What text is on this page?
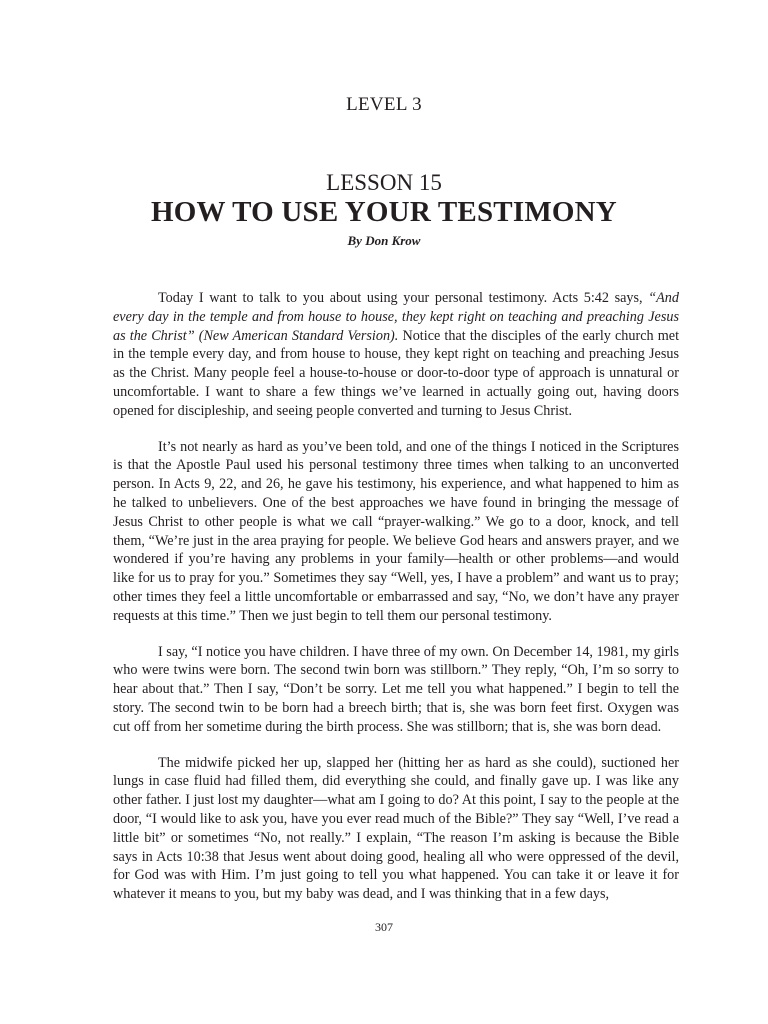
LEVEL 3
LESSON 15
HOW TO USE YOUR TESTIMONY
By Don Krow

Today I want to talk to you about using your personal testimony. Acts 5:42 says, “And every day in the temple and from house to house, they kept right on teaching and preaching Jesus as the Christ” (New American Standard Version). Notice that the disciples of the early church met in the temple every day, and from house to house, they kept right on teaching and preaching Jesus as the Christ. Many people feel a house-to-house or door-to-door type of approach is unnatural or uncomfortable. I want to share a few things we’ve learned in actually going out, having doors opened for discipleship, and seeing people converted and turning to Jesus Christ.

It’s not nearly as hard as you’ve been told, and one of the things I noticed in the Scriptures is that the Apostle Paul used his personal testimony three times when talking to an unconverted person. In Acts 9, 22, and 26, he gave his testimony, his experience, and what happened to him as he talked to unbelievers. One of the best approaches we have found in bringing the message of Jesus Christ to other people is what we call “prayer-walking.” We go to a door, knock, and tell them, “We’re just in the area praying for people. We believe God hears and answers prayer, and we wondered if you’re having any problems in your family—health or other problems—and would like for us to pray for you.” Sometimes they say “Well, yes, I have a problem” and want us to pray; other times they feel a little uncomfortable or embarrassed and say, “No, we don’t have any prayer requests at this time.” Then we just begin to tell them our personal testimony.

I say, “I notice you have children. I have three of my own. On December 14, 1981, my girls who were twins were born. The second twin born was stillborn.” They reply, “Oh, I’m so sorry to hear about that.” Then I say, “Don’t be sorry. Let me tell you what happened.” I begin to tell the story. The second twin to be born had a breech birth; that is, she was born feet first. Oxygen was cut off from her sometime during the birth process. She was stillborn; that is, she was born dead.

The midwife picked her up, slapped her (hitting her as hard as she could), suctioned her lungs in case fluid had filled them, did everything she could, and finally gave up. I was like any other father. I just lost my daughter—what am I going to do? At this point, I say to the people at the door, “I would like to ask you, have you ever read much of the Bible?” They say “Well, I’ve read a little bit” or sometimes “No, not really.” I explain, “The reason I’m asking is because the Bible says in Acts 10:38 that Jesus went about doing good, healing all who were oppressed of the devil, for God was with Him. I’m just going to tell you what happened. You can take it or leave it for whatever it means to you, but my baby was dead, and I was thinking that in a few days,

307
